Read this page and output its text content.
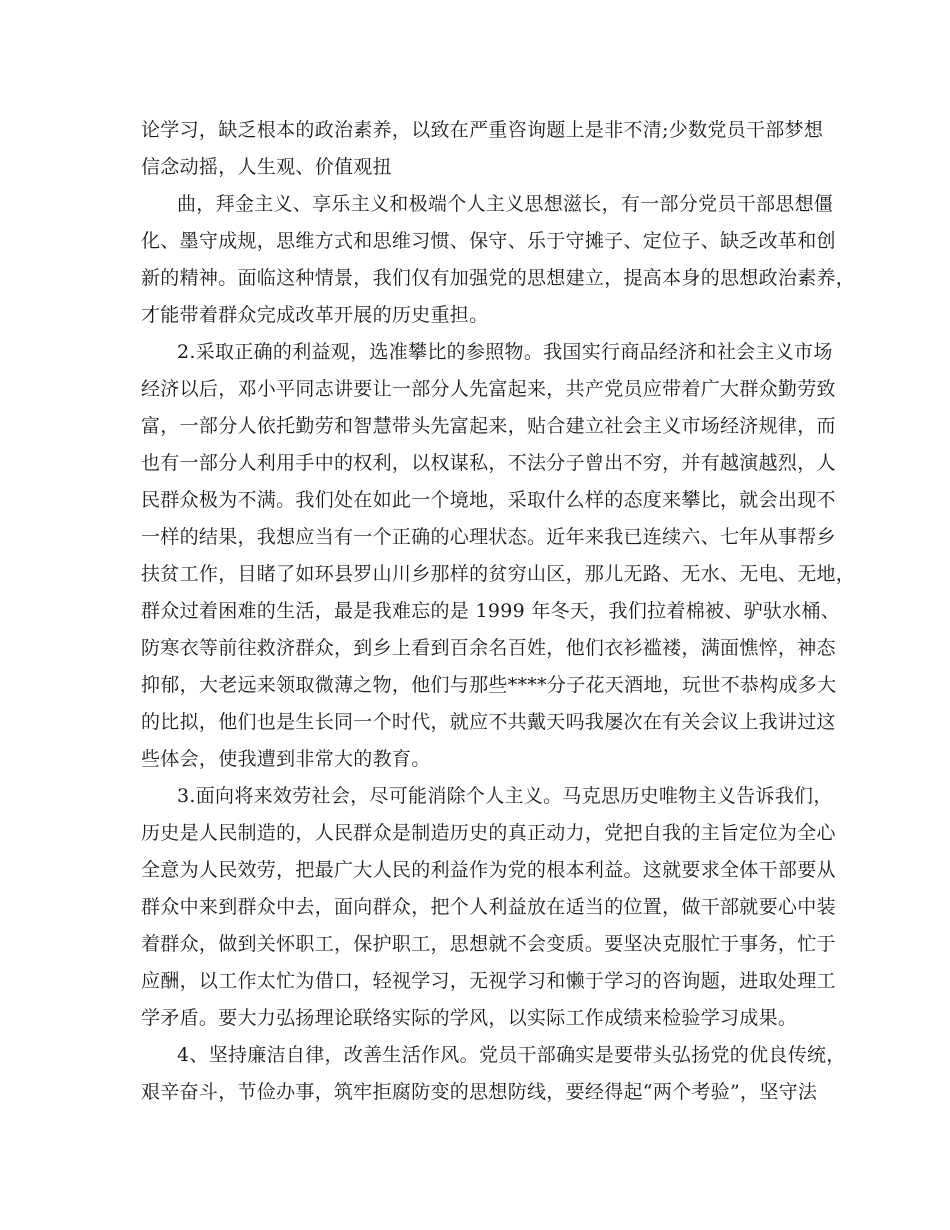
论学习，缺乏根本的政治素养，以致在严重咨询题上是非不清;少数党员干部梦想
信念动摇，人生观、价值观扭
曲，拜金主义、享乐主义和极端个人主义思想滋长，有一部分党员干部思想僵
化、墨守成规，思维方式和思维习惯、保守、乐于守摊子、定位子、缺乏改革和创
新的精神。面临这种情景，我们仅有加强党的思想建立，提高本身的思想政治素养，
才能带着群众完成改革开展的历史重担。
2.采取正确的利益观，选准攀比的参照物。我国实行商品经济和社会主义市场
经济以后，邓小平同志讲要让一部分人先富起来，共产党员应带着广大群众勤劳致
富，一部分人依托勤劳和智慧带头先富起来，贴合建立社会主义市场经济规律，而
也有一部分人利用手中的权利，以权谋私，不法分子曾出不穷，并有越演越烈，人
民群众极为不满。我们处在如此一个境地，采取什么样的态度来攀比，就会出现不
一样的结果，我想应当有一个正确的心理状态。近年来我已连续六、七年从事帮乡
扶贫工作，目睹了如环县罗山川乡那样的贫穷山区，那儿无路、无水、无电、无地，
群众过着困难的生活，最是我难忘的是 1999 年冬天，我们拉着棉被、驴驮水桶、
防寒衣等前往救济群众，到乡上看到百余名百姓，他们衣衫褴褛，满面憔悴，神态
抑郁，大老远来领取微薄之物，他们与那些****分子花天酒地，玩世不恭构成多大
的比拟，他们也是生长同一个时代，就应不共戴天吗我屡次在有关会议上我讲过这
些体会，使我遭到非常大的教育。
3.面向将来效劳社会，尽可能消除个人主义。马克思历史唯物主义告诉我们，
历史是人民制造的，人民群众是制造历史的真正动力，党把自我的主旨定位为全心
全意为人民效劳，把最广大人民的利益作为党的根本利益。这就要求全体干部要从
群众中来到群众中去，面向群众，把个人利益放在适当的位置，做干部就要心中装
着群众，做到关怀职工，保护职工，思想就不会变质。要坚决克服忙于事务，忙于
应酬，以工作太忙为借口，轻视学习，无视学习和懒于学习的咨询题，进取处理工
学矛盾。要大力弘扬理论联络实际的学风，以实际工作成绩来检验学习成果。
4、坚持廉洁自律，改善生活作风。党员干部确实是要带头弘扬党的优良传统，
艰辛奋斗，节俭办事，筑牢拒腐防变的思想防线，要经得起“两个考验”，坚守法
